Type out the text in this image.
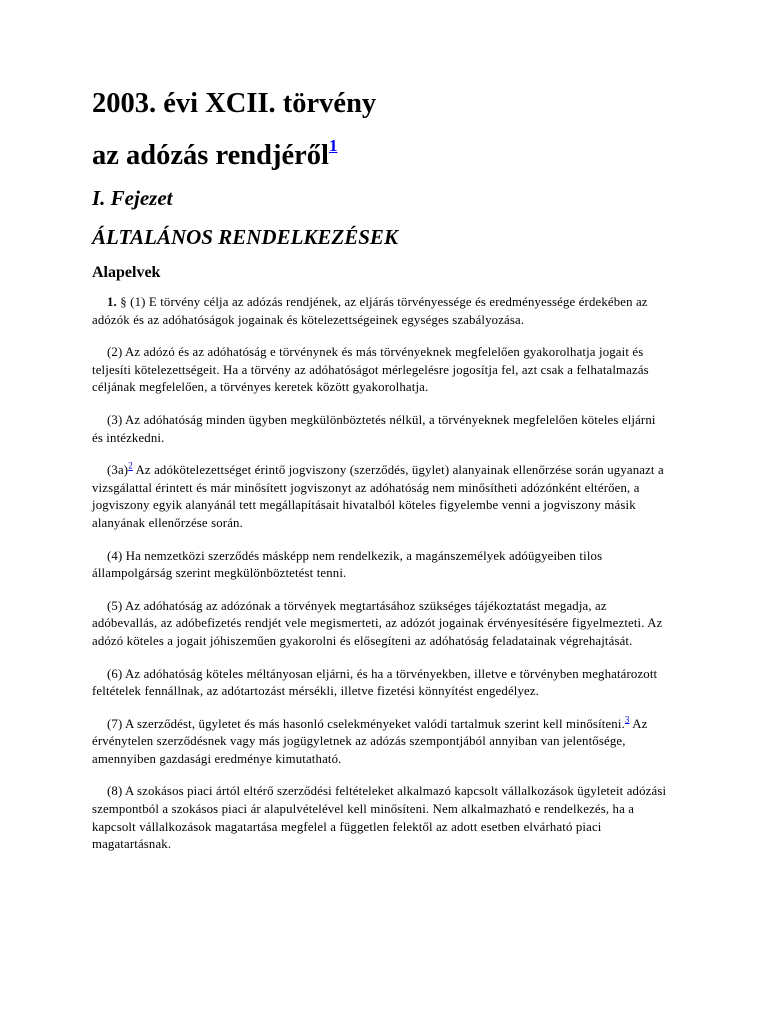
2003. évi XCII. törvény
az adózás rendjéről$^1$
I. Fejezet
ÁLTALÁNOS RENDELKEZÉSEK
Alapelvek

1. § (1) E törvény célja az adózás rendjének, az eljárás törvényessége és eredményessége érdekében az adózók és az adóhatóságok jogainak és kötelezettségeinek egységes szabályozása.

(2) Az adózó és az adóhatóság e törvénynek és más törvényeknek megfelelően gyakorolhatja jogait és teljesíti kötelezettségeit. Ha a törvény az adóhatóságot mérlegelésre jogosítja fel, azt csak a felhatalmazás céljának megfelelően, a törvényes keretek között gyakorolhatja.

(3) Az adóhatóság minden ügyben megkülönböztetés nélkül, a törvényeknek megfelelően köteles eljárni és intézkedni.

(3a)$^2$ Az adókötelezettséget érintő jogviszony (szerződés, ügylet) alanyainak ellenőrzése során ugyanazt a vizsgálattal érintett és már minősített jogviszonyt az adóhatóság nem minősítheti adózónként eltérően, a jogviszony egyik alanyánál tett megállapításait hivatalból köteles figyelembe venni a jogviszony másik alanyának ellenőrzése során.

(4) Ha nemzetközi szerződés másképp nem rendelkezik, a magánszemélyek adóügyeiben tilos állampolgárság szerint megkülönböztetést tenni.

(5) Az adóhatóság az adózónak a törvények megtartásához szükséges tájékoztatást megadja, az adóbevallás, az adóbefizetés rendjét vele megismerteti, az adózót jogainak érvényesítésére figyelmezteti. Az adózó köteles a jogait jóhiszeműen gyakorolni és elősegíteni az adóhatóság feladatainak végrehajtását.

(6) Az adóhatóság köteles méltányosan eljárni, és ha a törvényekben, illetve e törvényben meghatározott feltételek fennállnak, az adótartozást mérsékli, illetve fizetési könnyítést engedélyez.

(7) A szerződést, ügyletet és más hasonló cselekményeket valódi tartalmuk szerint kell minősíteni.$^3$ Az érvénytelen szerződésnek vagy más jogügyletnek az adózás szempontjából annyiban van jelentősége, amennyiben gazdasági eredménye kimutatható.

(8) A szokásos piaci ártól eltérő szerződési feltételeket alkalmazó kapcsolt vállalkozások ügyleteit adózási szempontból a szokásos piaci ár alapulvételével kell minősíteni. Nem alkalmazható e rendelkezés, ha a kapcsolt vállalkozások magatartása megfelel a független felektől az adott esetben elvárható piaci magatartásnak.
